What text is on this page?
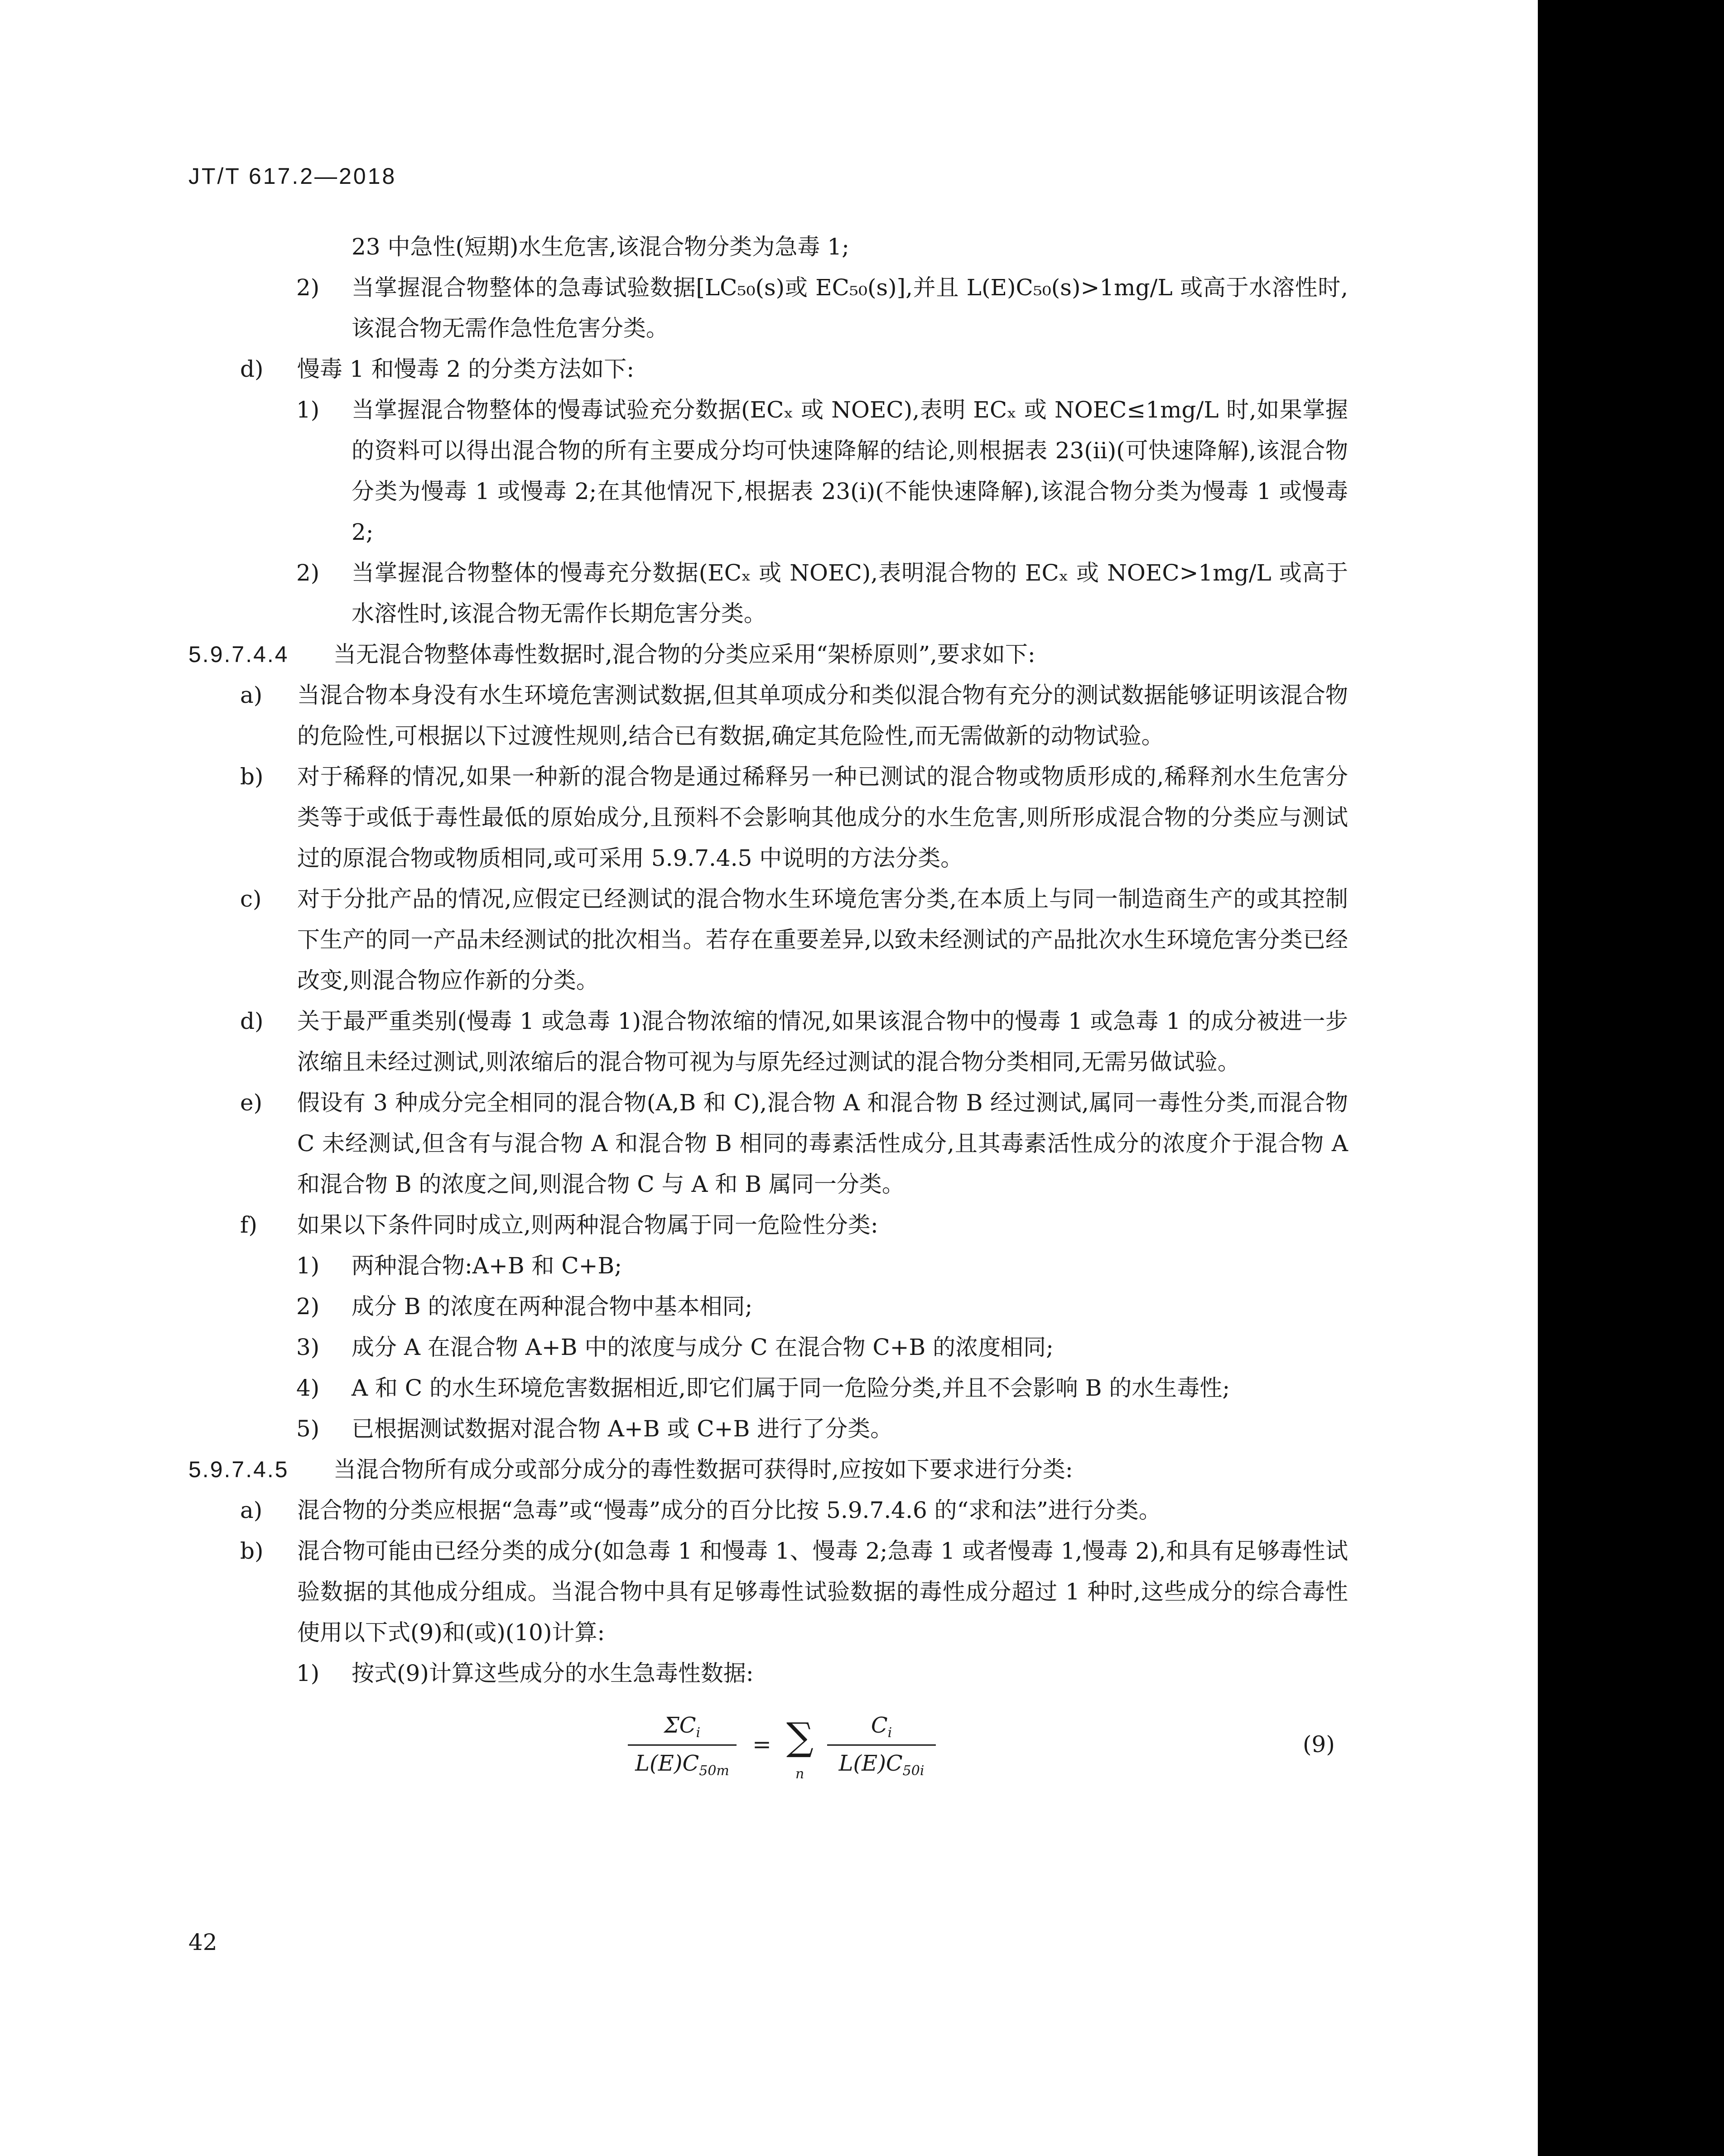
JT/T 617.2—2018
23 中急性(短期)水生危害,该混合物分类为急毒 1;
2) 当掌握混合物整体的急毒试验数据[LC₅₀(s)或 EC₅₀(s)],并且 L(E)C₅₀(s)>1mg/L 或高于水溶性时,该混合物无需作急性危害分类。
d) 慢毒 1 和慢毒 2 的分类方法如下:
1) 当掌握混合物整体的慢毒试验充分数据(ECₓ 或 NOEC),表明 ECₓ 或 NOEC≤1mg/L 时,如果掌握的资料可以得出混合物的所有主要成分均可快速降解的结论,则根据表 23(ii)(可快速降解),该混合物分类为慢毒 1 或慢毒 2;在其他情况下,根据表 23(i)(不能快速降解),该混合物分类为慢毒 1 或慢毒 2;
2) 当掌握混合物整体的慢毒充分数据(ECₓ 或 NOEC),表明混合物的 ECₓ 或 NOEC>1mg/L 或高于水溶性时,该混合物无需作长期危害分类。
5.9.7.4.4 当无混合物整体毒性数据时,混合物的分类应采用“架桥原则”,要求如下:
a) 当混合物本身没有水生环境危害测试数据,但其单项成分和类似混合物有充分的测试数据能够证明该混合物的危险性,可根据以下过渡性规则,结合已有数据,确定其危险性,而无需做新的动物试验。
b) 对于稀释的情况,如果一种新的混合物是通过稀释另一种已测试的混合物或物质形成的,稀释剂水生危害分类等于或低于毒性最低的原始成分,且预料不会影响其他成分的水生危害,则所形成混合物的分类应与测试过的原混合物或物质相同,或可采用 5.9.7.4.5 中说明的方法分类。
c) 对于分批产品的情况,应假定已经测试的混合物水生环境危害分类,在本质上与同一制造商生产的或其控制下生产的同一产品未经测试的批次相当。若存在重要差异,以致未经测试的产品批次水生环境危害分类已经改变,则混合物应作新的分类。
d) 关于最严重类别(慢毒 1 或急毒 1)混合物浓缩的情况,如果该混合物中的慢毒 1 或急毒 1 的成分被进一步浓缩且未经过测试,则浓缩后的混合物可视为与原先经过测试的混合物分类相同,无需另做试验。
e) 假设有 3 种成分完全相同的混合物(A,B 和 C),混合物 A 和混合物 B 经过测试,属同一毒性分类,而混合物 C 未经测试,但含有与混合物 A 和混合物 B 相同的毒素活性成分,且其毒素活性成分的浓度介于混合物 A 和混合物 B 的浓度之间,则混合物 C 与 A 和 B 属同一分类。
f) 如果以下条件同时成立,则两种混合物属于同一危险性分类:
1) 两种混合物:A+B 和 C+B;
2) 成分 B 的浓度在两种混合物中基本相同;
3) 成分 A 在混合物 A+B 中的浓度与成分 C 在混合物 C+B 的浓度相同;
4) A 和 C 的水生环境危害数据相近,即它们属于同一危险分类,并且不会影响 B 的水生毒性;
5) 已根据测试数据对混合物 A+B 或 C+B 进行了分类。
5.9.7.4.5 当混合物所有成分或部分成分的毒性数据可获得时,应按如下要求进行分类:
a) 混合物的分类应根据“急毒”或“慢毒”成分的百分比按 5.9.7.4.6 的“求和法”进行分类。
b) 混合物可能由已经分类的成分(如急毒 1 和慢毒 1、慢毒 2;急毒 1 或者慢毒 1,慢毒 2),和具有足够毒性试验数据的其他成分组成。当混合物中具有足够毒性试验数据的毒性成分超过 1 种时,这些成分的综合毒性使用以下式(9)和(或)(10)计算:
1) 按式(9)计算这些成分的水生急毒性数据:
$\Sigma C_i$
$L(E)C_{50m}$
= ∑
n
$C_i$
$L(E)C_{50i}$
(9)
42
